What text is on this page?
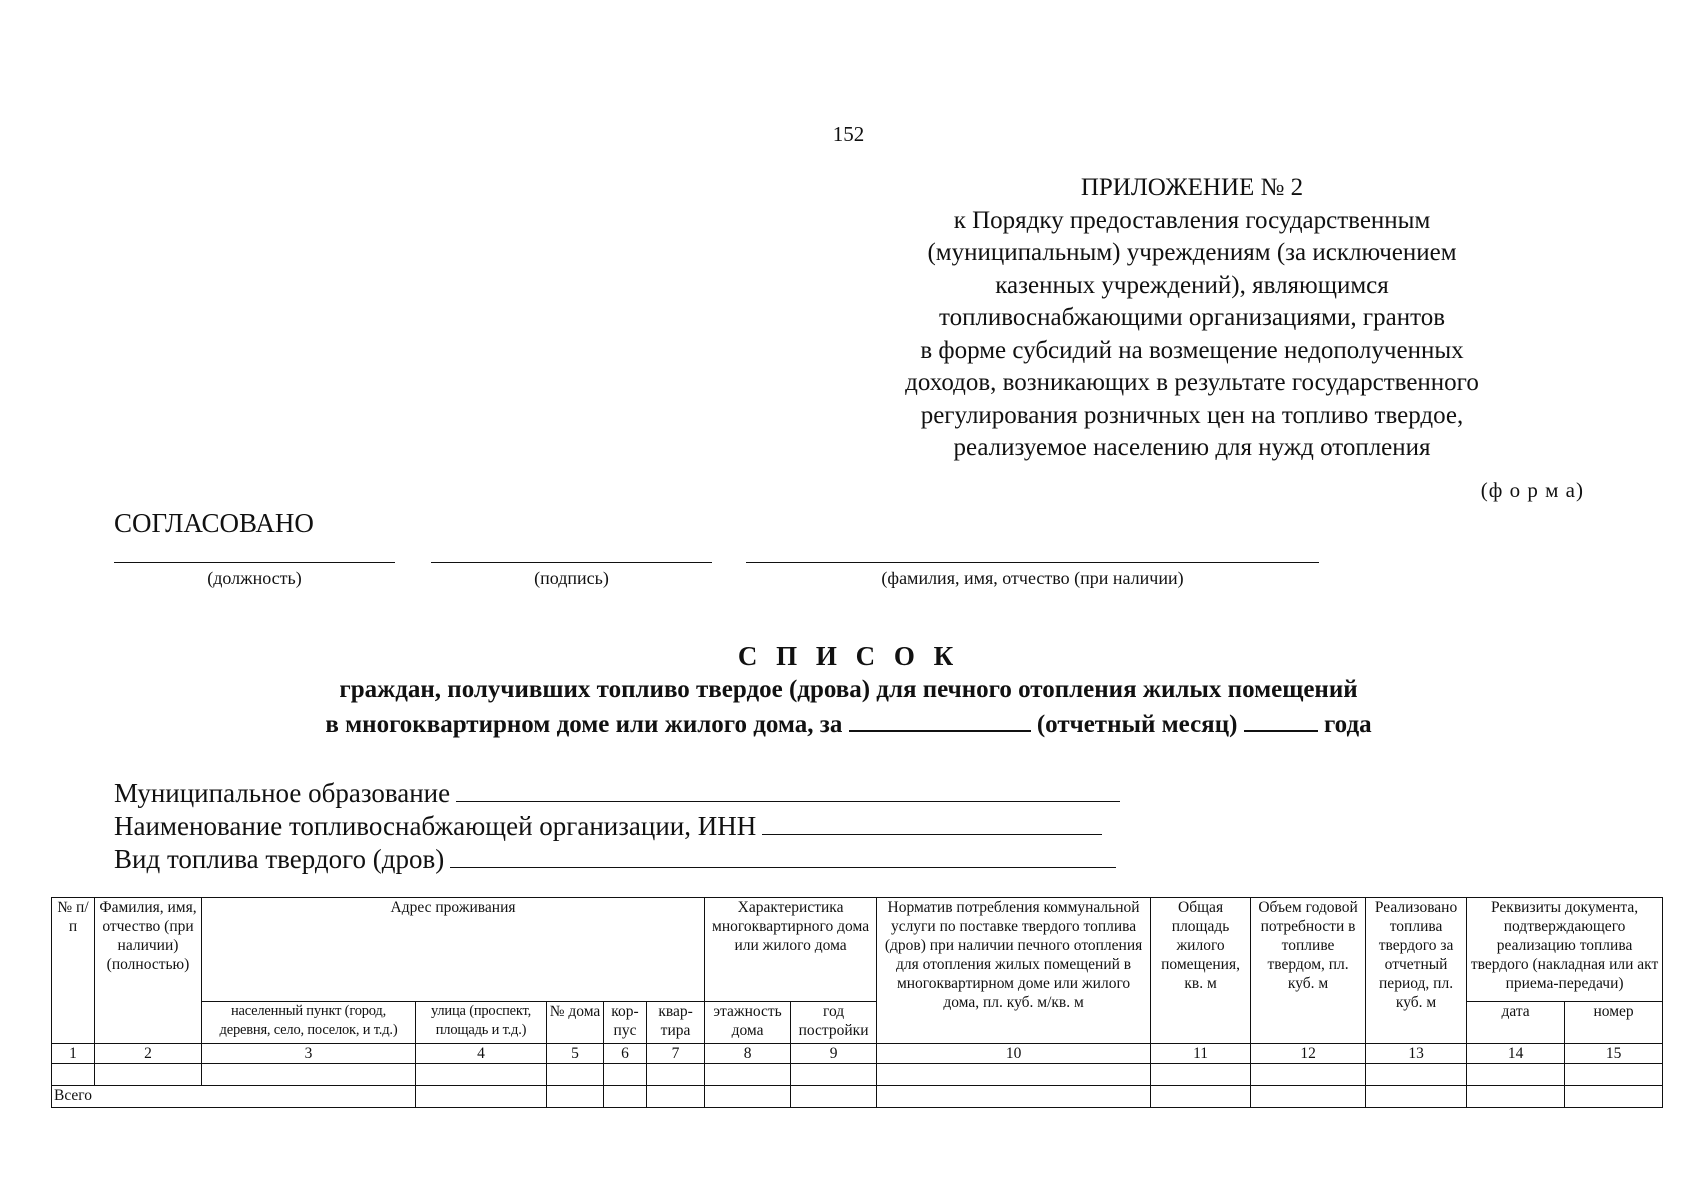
152
ПРИЛОЖЕНИЕ № 2
к Порядку предоставления государственным
(муниципальным) учреждениям (за исключением
казенных учреждений), являющимся
топливоснабжающими организациями, грантов
в форме субсидий на возмещение недополученных
доходов, возникающих в результате государственного
регулирования розничных цен на топливо твердое,
реализуемое населению для нужд отопления
(ф о р м а)
СОГЛАСОВАНО
(должность)	(подпись)	(фамилия, имя, отчество (при наличии)
С П И С О К
граждан, получивших топливо твердое (дрова) для печного отопления жилых помещений
в многоквартирном доме или жилого дома, за	(отчетный месяц)	года
Муниципальное образование
Наименование топливоснабжающей организации, ИНН
Вид топлива твердого (дров)
№ п/п	Фамилия, имя, отчество (при наличии) (полностью)	Адрес проживания					Характеристика многоквартирного дома или жилого дома		Норматив потребления коммунальной услуги по поставке твердого топлива (дров) при наличии печного отопления для отопления жилых помещений в многоквартирном доме или жилого дома, пл. куб. м/кв. м	Общая площадь жилого помещения, кв. м	Объем годовой потребности в топливе твердом, пл. куб. м	Реализовано топлива твердого за отчетный период, пл. куб. м	Реквизиты документа, подтверждающего реализацию топлива твердого (накладная или акт приема-передачи)	
		населенный пункт (город, деревня, село, поселок, и т.д.)	улица (проспект, площадь и т.д.)	№ дома	кор-пус	квар-тира	этажность дома	год постройки					дата	номер
1	2	3	4	5	6	7	8	9	10	11	12	13	14	15

Всего														
